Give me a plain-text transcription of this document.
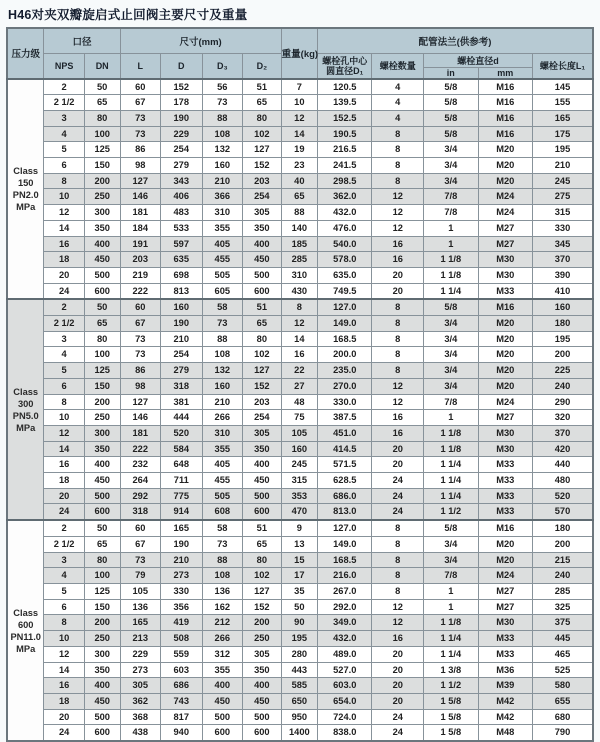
H46对夹双瓣旋启式止回阀主要尺寸及重量
压力级	口径		尺寸(mm)				重量(kg)	配管法兰(供参考)				
	NPS	DN	L	D	D₃	D₂		螺栓孔中心
圆直径D₁	螺栓数量	螺栓直径d		螺栓长度L₁
										in	mm	

Class
150
PN2.0
MPa	2	50	60	152	56	51	7	120.5	4	5/8	M16	145
	2 1/2	65	67	178	73	65	10	139.5	4	5/8	M16	155
	3	80	73	190	88	80	12	152.5	4	5/8	M16	165
	4	100	73	229	108	102	14	190.5	8	5/8	M16	175
	5	125	86	254	132	127	19	216.5	8	3/4	M20	195
	6	150	98	279	160	152	23	241.5	8	3/4	M20	210
	8	200	127	343	210	203	40	298.5	8	3/4	M20	245
	10	250	146	406	366	254	65	362.0	12	7/8	M24	275
	12	300	181	483	310	305	88	432.0	12	7/8	M24	315
	14	350	184	533	355	350	140	476.0	12	1	M27	330
	16	400	191	597	405	400	185	540.0	16	1	M27	345
	18	450	203	635	455	450	285	578.0	16	1 1/8	M30	370
	20	500	219	698	505	500	310	635.0	20	1 1/8	M30	390
	24	600	222	813	605	600	430	749.5	20	1 1/4	M33	410

Class
300
PN5.0
MPa	2	50	60	160	58	51	8	127.0	8	5/8	M16	160
	2 1/2	65	67	190	73	65	12	149.0	8	3/4	M20	180
	3	80	73	210	88	80	14	168.5	8	3/4	M20	195
	4	100	73	254	108	102	16	200.0	8	3/4	M20	200
	5	125	86	279	132	127	22	235.0	8	3/4	M20	225
	6	150	98	318	160	152	27	270.0	12	3/4	M20	240
	8	200	127	381	210	203	48	330.0	12	7/8	M24	290
	10	250	146	444	266	254	75	387.5	16	1	M27	320
	12	300	181	520	310	305	105	451.0	16	1 1/8	M30	370
	14	350	222	584	355	350	160	414.5	20	1 1/8	M30	420
	16	400	232	648	405	400	245	571.5	20	1 1/4	M33	440
	18	450	264	711	455	450	315	628.5	24	1 1/4	M33	480
	20	500	292	775	505	500	353	686.0	24	1 1/4	M33	520
	24	600	318	914	608	600	470	813.0	24	1 1/2	M33	570

Class
600
PN11.0
MPa	2	50	60	165	58	51	9	127.0	8	5/8	M16	180
	2 1/2	65	67	190	73	65	13	149.0	8	3/4	M20	200
	3	80	73	210	88	80	15	168.5	8	3/4	M20	215
	4	100	79	273	108	102	17	216.0	8	7/8	M24	240
	5	125	105	330	136	127	35	267.0	8	1	M27	285
	6	150	136	356	162	152	50	292.0	12	1	M27	325
	8	200	165	419	212	200	90	349.0	12	1 1/8	M30	375
	10	250	213	508	266	250	195	432.0	16	1 1/4	M33	445
	12	300	229	559	312	305	280	489.0	20	1 1/4	M33	465
	14	350	273	603	355	350	443	527.0	20	1 3/8	M36	525
	16	400	305	686	400	400	585	603.0	20	1 1/2	M39	580
	18	450	362	743	450	450	650	654.0	20	1 5/8	M42	655
	20	500	368	817	500	500	950	724.0	24	1 5/8	M42	680
	24	600	438	940	600	600	1400	838.0	24	1 5/8	M48	790
